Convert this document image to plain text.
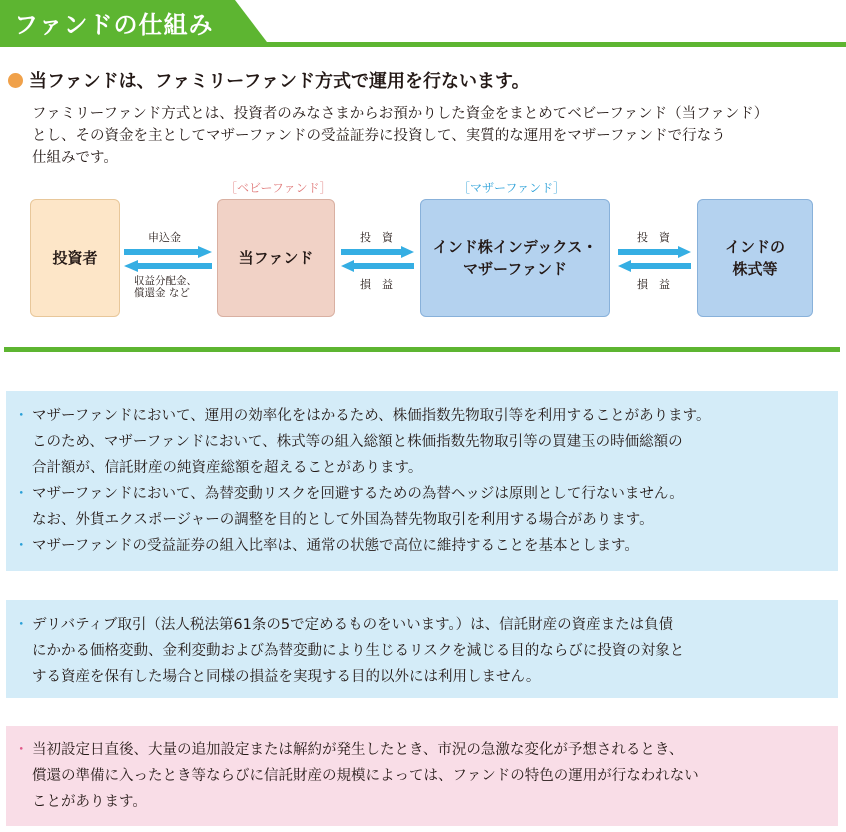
ファンドの仕組み
当ファンドは、ファミリーファンド方式で運用を行ないます。
ファミリーファンド方式とは、投資者のみなさまからお預かりした資金をまとめてベビーファンド（当ファンド）
とし、その資金を主としてマザーファンドの受益証券に投資して、実質的な運用をマザーファンドで行なう
仕組みです。
［ベビーファンド］	［マザーファンド］
投資者	当ファンド
インド株インデックス・
マザーファンド
インドの
株式等
申込金
収益分配金、
償還金 など
投　資
損　益
投　資
損　益
・ マザーファンドにおいて、運用の効率化をはかるため、株価指数先物取引等を利用することがあります。
このため、マザーファンドにおいて、株式等の組入総額と株価指数先物取引等の買建玉の時価総額の
合計額が、信託財産の純資産総額を超えることがあります。
・ マザーファンドにおいて、為替変動リスクを回避するための為替ヘッジは原則として行ないません。
なお、外貨エクスポージャーの調整を目的として外国為替先物取引を利用する場合があります。
・ マザーファンドの受益証券の組入比率は、通常の状態で高位に維持することを基本とします。
・ デリバティブ取引（法人税法第61条の5で定めるものをいいます。）は、信託財産の資産または負債
にかかる価格変動、金利変動および為替変動により生じるリスクを減じる目的ならびに投資の対象と
する資産を保有した場合と同様の損益を実現する目的以外には利用しません。
・ 当初設定日直後、大量の追加設定または解約が発生したとき、市況の急激な変化が予想されるとき、
償還の準備に入ったとき等ならびに信託財産の規模によっては、ファンドの特色の運用が行なわれない
ことがあります。
